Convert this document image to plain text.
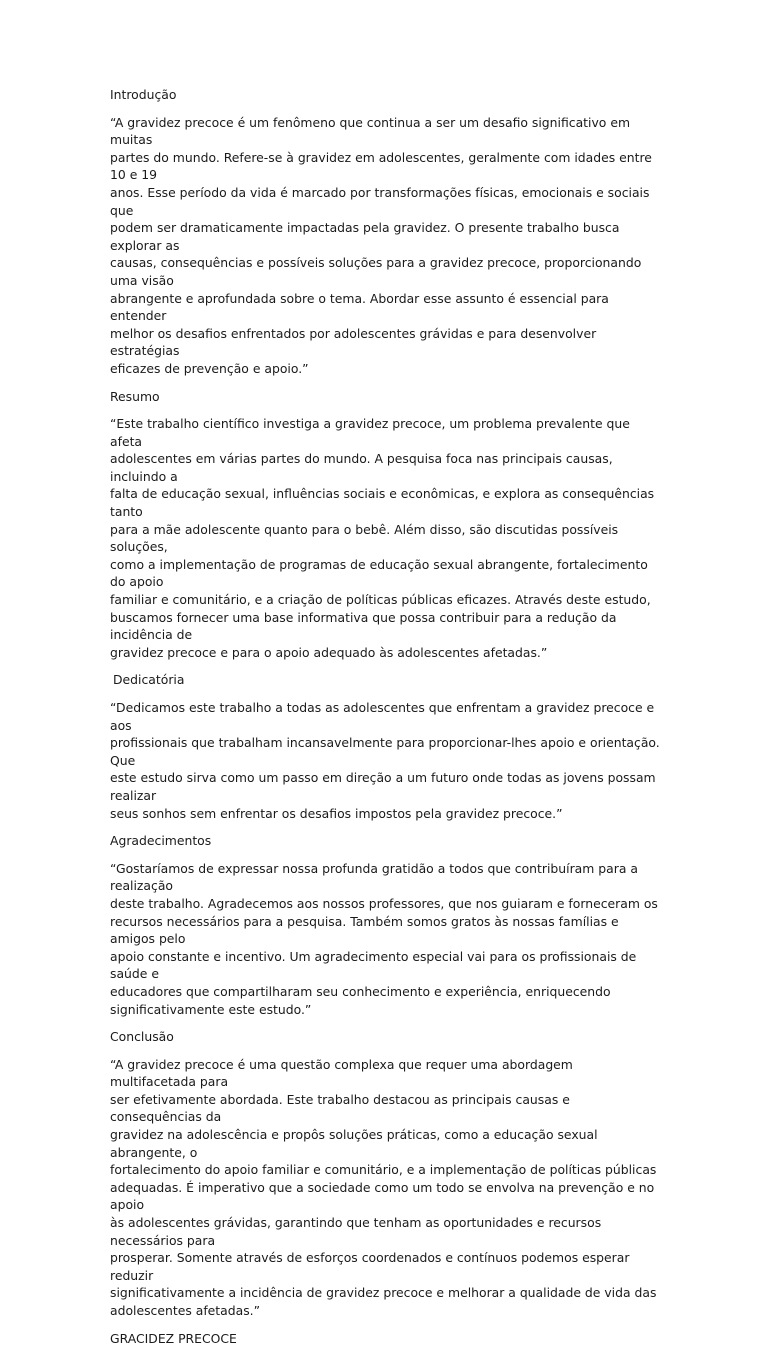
Introdução
“A gravidez precoce é um fenômeno que continua a ser um desafio significativo em muitas
partes do mundo. Refere-se à gravidez em adolescentes, geralmente com idades entre 10 e 19
anos. Esse período da vida é marcado por transformações físicas, emocionais e sociais que
podem ser dramaticamente impactadas pela gravidez. O presente trabalho busca explorar as
causas, consequências e possíveis soluções para a gravidez precoce, proporcionando uma visão
abrangente e aprofundada sobre o tema. Abordar esse assunto é essencial para entender
melhor os desafios enfrentados por adolescentes grávidas e para desenvolver estratégias
eficazes de prevenção e apoio.”
Resumo
“Este trabalho científico investiga a gravidez precoce, um problema prevalente que afeta
adolescentes em várias partes do mundo. A pesquisa foca nas principais causas, incluindo a
falta de educação sexual, influências sociais e econômicas, e explora as consequências tanto
para a mãe adolescente quanto para o bebê. Além disso, são discutidas possíveis soluções,
como a implementação de programas de educação sexual abrangente, fortalecimento do apoio
familiar e comunitário, e a criação de políticas públicas eficazes. Através deste estudo,
buscamos fornecer uma base informativa que possa contribuir para a redução da incidência de
gravidez precoce e para o apoio adequado às adolescentes afetadas.”
Dedicatória
“Dedicamos este trabalho a todas as adolescentes que enfrentam a gravidez precoce e aos
profissionais que trabalham incansavelmente para proporcionar-lhes apoio e orientação. Que
este estudo sirva como um passo em direção a um futuro onde todas as jovens possam realizar
seus sonhos sem enfrentar os desafios impostos pela gravidez precoce.”
Agradecimentos
“Gostaríamos de expressar nossa profunda gratidão a todos que contribuíram para a realização
deste trabalho. Agradecemos aos nossos professores, que nos guiaram e forneceram os
recursos necessários para a pesquisa. Também somos gratos às nossas famílias e amigos pelo
apoio constante e incentivo. Um agradecimento especial vai para os profissionais de saúde e
educadores que compartilharam seu conhecimento e experiência, enriquecendo
significativamente este estudo.”
Conclusão
“A gravidez precoce é uma questão complexa que requer uma abordagem multifacetada para
ser efetivamente abordada. Este trabalho destacou as principais causas e consequências da
gravidez na adolescência e propôs soluções práticas, como a educação sexual abrangente, o
fortalecimento do apoio familiar e comunitário, e a implementação de políticas públicas
adequadas. É imperativo que a sociedade como um todo se envolva na prevenção e no apoio
às adolescentes grávidas, garantindo que tenham as oportunidades e recursos necessários para
prosperar. Somente através de esforços coordenados e contínuos podemos esperar reduzir
significativamente a incidência de gravidez precoce e melhorar a qualidade de vida das
adolescentes afetadas.”
GRACIDEZ PRECOCE
